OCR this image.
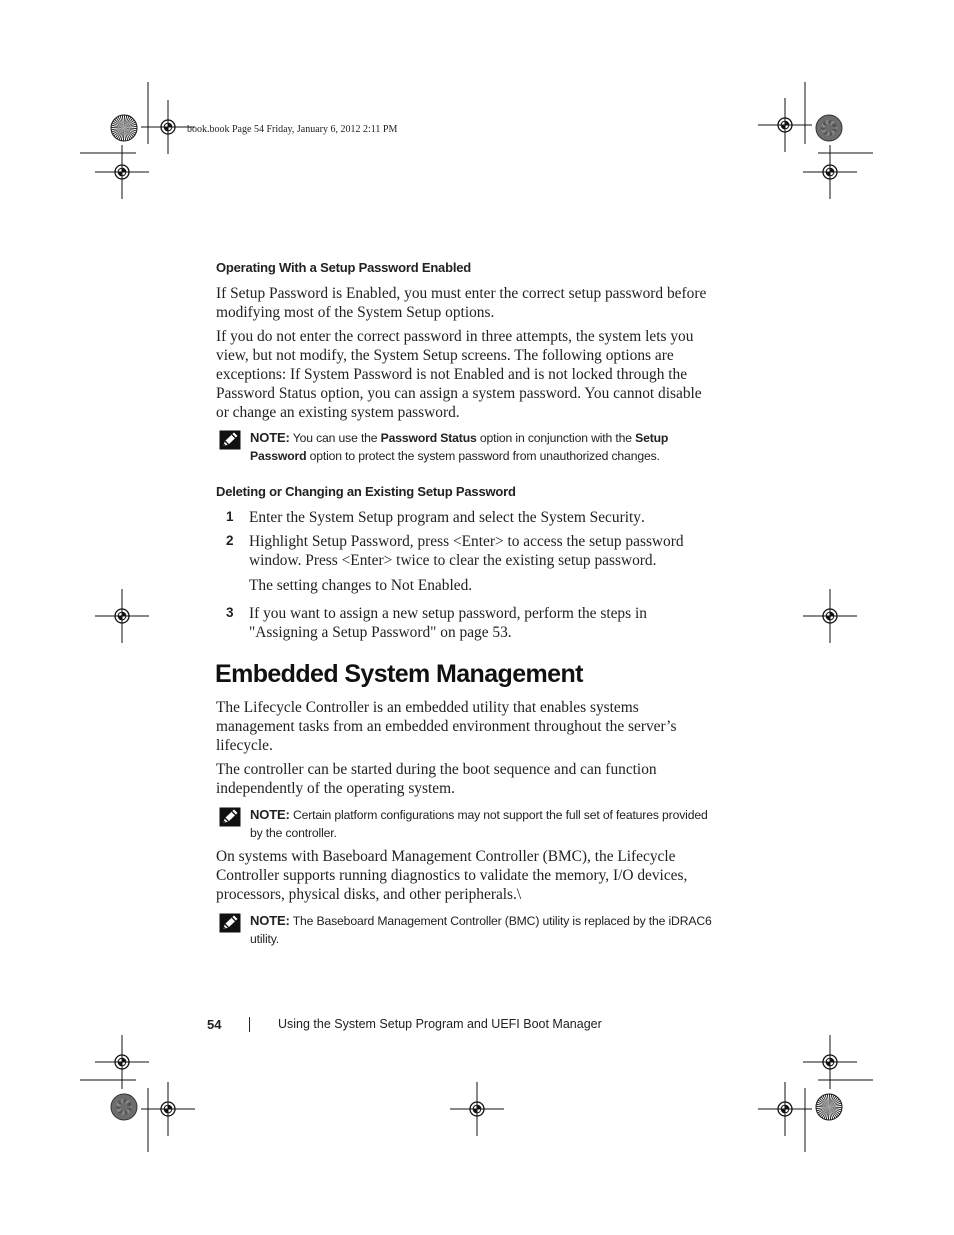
book.book Page 54 Friday, January 6, 2012 2:11 PM
Operating With a Setup Password Enabled
If Setup Password is Enabled, you must enter the correct setup password before modifying most of the System Setup options.
If you do not enter the correct password in three attempts, the system lets you view, but not modify, the System Setup screens. The following options are exceptions: If System Password is not Enabled and is not locked through the Password Status option, you can assign a system password. You cannot disable or change an existing system password.
NOTE: You can use the Password Status option in conjunction with the Setup Password option to protect the system password from unauthorized changes.
Deleting or Changing an Existing Setup Password
1 Enter the System Setup program and select the System Security.
2 Highlight Setup Password, press <Enter> to access the setup password window. Press <Enter> twice to clear the existing setup password.
The setting changes to Not Enabled.
3 If you want to assign a new setup password, perform the steps in "Assigning a Setup Password" on page 53.
Embedded System Management
The Lifecycle Controller is an embedded utility that enables systems management tasks from an embedded environment throughout the server’s lifecycle.
The controller can be started during the boot sequence and can function independently of the operating system.
NOTE: Certain platform configurations may not support the full set of features provided by the controller.
On systems with Baseboard Management Controller (BMC), the Lifecycle Controller supports running diagnostics to validate the memory, I/O devices, processors, physical disks, and other peripherals.\
NOTE: The Baseboard Management Controller (BMC) utility is replaced by the iDRAC6 utility.
54	Using the System Setup Program and UEFI Boot Manager
